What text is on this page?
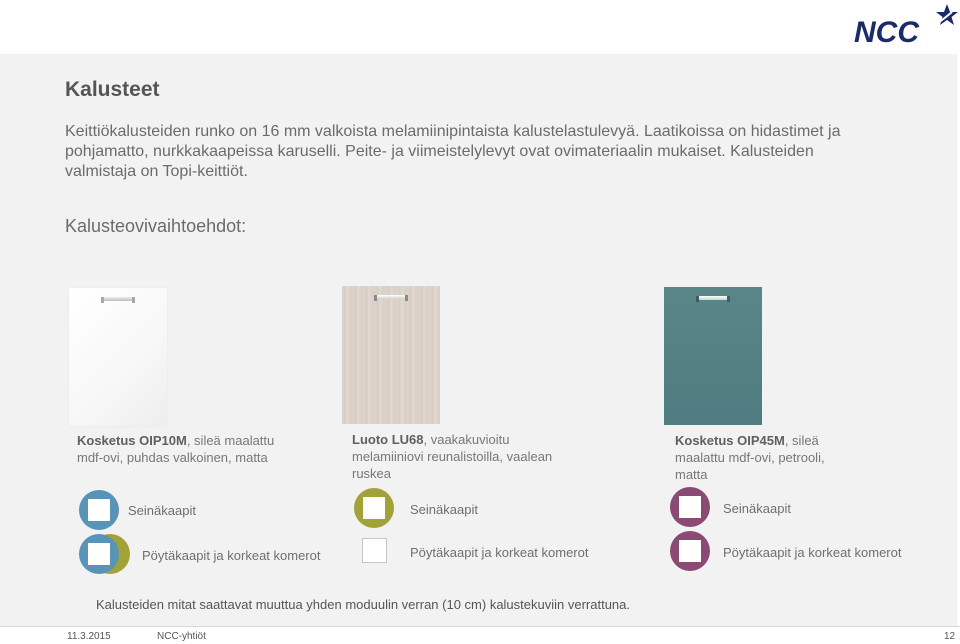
NCC
Kalusteet
Keittiökalusteiden runko on 16 mm valkoista melamiinipintaista kalustelastulevyä. Laatikoissa on hidastimet ja pohjamatto, nurkkakaapeissa karuselli. Peite- ja viimeistelylevyt ovat ovimateriaalin mukaiset. Kalusteiden valmistaja on Topi-keittiöt.
Kalusteovivaihtoehdot:
Kosketus OIP10M, sileä maalattu mdf-ovi, puhdas valkoinen, matta
Luoto LU68, vaakakuvioitu melamiiniovi reunalistoilla, vaalean ruskea
Kosketus OIP45M, sileä maalattu mdf-ovi, petrooli, matta
Seinäkaapit
Pöytäkaapit ja korkeat komerot
Seinäkaapit
Pöytäkaapit ja korkeat komerot
Seinäkaapit
Pöytäkaapit ja korkeat komerot
Kalusteiden mitat saattavat muuttua yhden moduulin verran (10 cm) kalustekuviin verrattuna.
11.3.2015	NCC-yhtiöt	12
